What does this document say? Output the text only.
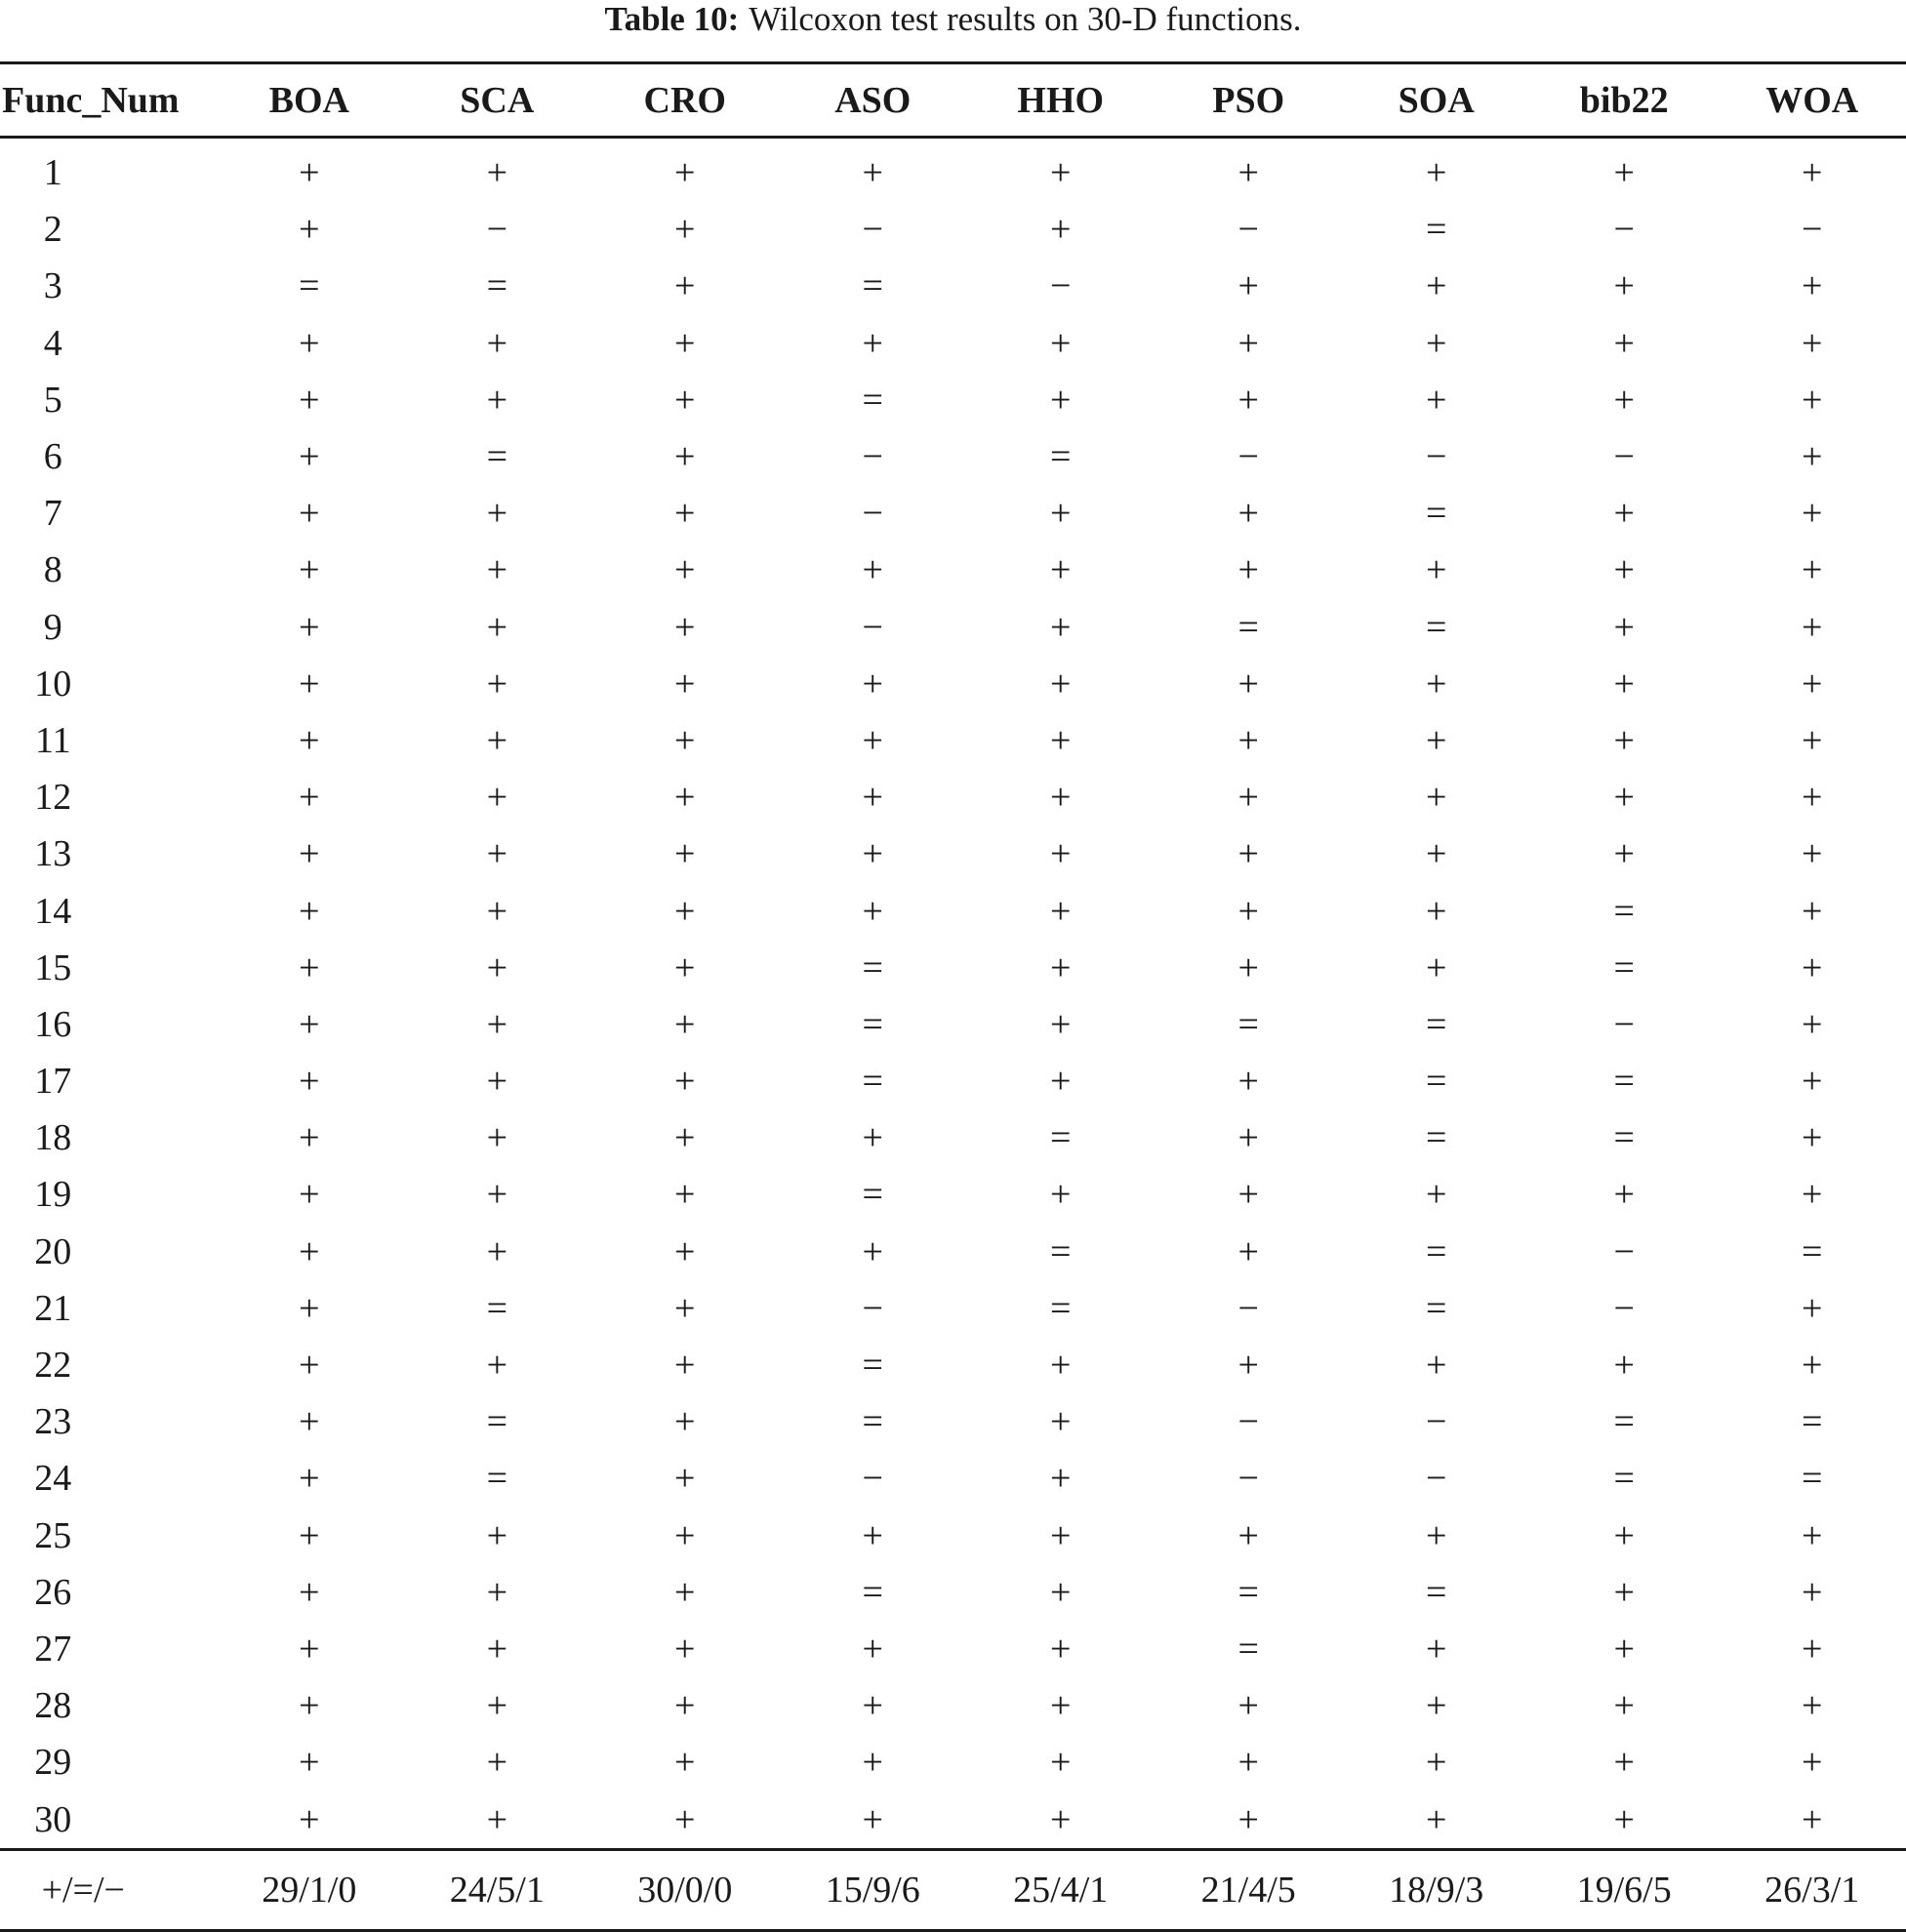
Table 10: Wilcoxon test results on 30-D functions.
Func_Num	BOA	SCA	CRO	ASO	HHO	PSO	SOA	bib22	WOA
1	+	+	+	+	+	+	+	+	+
2	+	−	+	−	+	−	=	−	−
3	=	=	+	=	−	+	+	+	+
4	+	+	+	+	+	+	+	+	+
5	+	+	+	=	+	+	+	+	+
6	+	=	+	−	=	−	−	−	+
7	+	+	+	−	+	+	=	+	+
8	+	+	+	+	+	+	+	+	+
9	+	+	+	−	+	=	=	+	+
10	+	+	+	+	+	+	+	+	+
11	+	+	+	+	+	+	+	+	+
12	+	+	+	+	+	+	+	+	+
13	+	+	+	+	+	+	+	+	+
14	+	+	+	+	+	+	+	=	+
15	+	+	+	=	+	+	+	=	+
16	+	+	+	=	+	=	=	−	+
17	+	+	+	=	+	+	=	=	+
18	+	+	+	+	=	+	=	=	+
19	+	+	+	=	+	+	+	+	+
20	+	+	+	+	=	+	=	−	=
21	+	=	+	−	=	−	=	−	+
22	+	+	+	=	+	+	+	+	+
23	+	=	+	=	+	−	−	=	=
24	+	=	+	−	+	−	−	=	=
25	+	+	+	+	+	+	+	+	+
26	+	+	+	=	+	=	=	+	+
27	+	+	+	+	+	=	+	+	+
28	+	+	+	+	+	+	+	+	+
29	+	+	+	+	+	+	+	+	+
30	+	+	+	+	+	+	+	+	+
+/=/−	29/1/0	24/5/1	30/0/0	15/9/6	25/4/1	21/4/5	18/9/3	19/6/5	26/3/1
